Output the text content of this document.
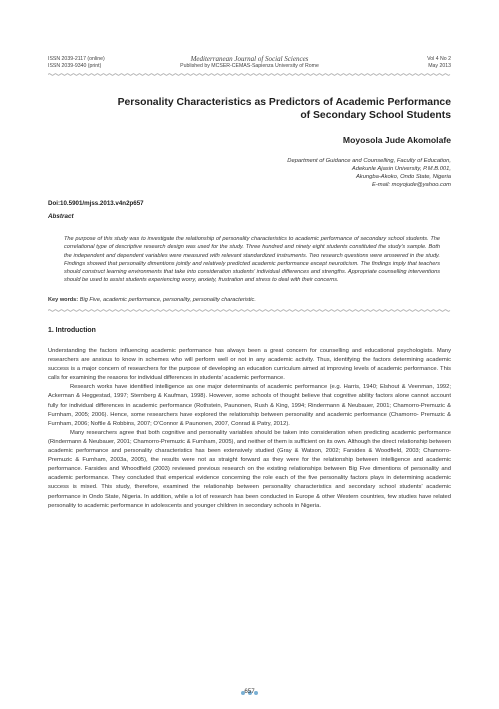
ISSN 2039-2117 (online)
ISSN 2039-9340 (print)
Mediterranean Journal of Social Sciences
Published by MCSER-CEMAS-Sapienza University of Rome
Vol 4 No 2
May 2013
Personality Characteristics as Predictors of Academic Performance
of Secondary School Students
Moyosola Jude Akomolafe
Department of Guidance and Counselling, Faculty of Education,
Adekunle Ajasin University, P.M.B.001,
Akungba-Akoko, Ondo State, Nigeria
E-mail: moyojude@yahoo.com
Doi:10.5901/mjss.2013.v4n2p657
Abstract
The purpose of this study was to investigate the relationship of personality characteristics to academic performance of secondary school students. The correlational type of descriptive research design was used for the study. Three hundred and ninety eight students constituted the study’s sample. Both the independent and dependent variables were measured with relevant standardized instruments. Two research questions were answered in the study. Findings showed that personality dimentions jointly and relatively predicted academic performance except neuroticism. The findings imply that teachers should construct learning environments that take into consideration students’ individual differences and strengths. Appropriate counselling interventions should be used to assist students experiencing worry, anxiety, frustration and stress to deal with their concerns.
Key words: Big Five, academic performance, personality, personality characteristic.
1. Introduction

Understanding the factors influencing academic performance has always been a great concern for counselling and educational psychologists. Many researchers are anxious to know in schemes who will perform well or not in any academic activity. Thus, identifying the factors determining academic success is a major concern of researchers for the purpose of developing an education curriculum aimed at improving levels of academic performance. This calls for examining the reasons for individual differences in students’ academic performance.

Research works have identified intelligence as one major determinants of academic performance (e.g. Harris, 1940; Elshout & Veenman, 1992; Ackerman & Heggestad, 1997; Sternberg & Kaufman, 1998). However, some schools of thought believe that cognitive ability factors alone cannot account fully for individual differences in academic performance (Rothstein, Paunonen, Rush & King, 1994; Rindermann & Neubauer, 2001; Chamorro-Premuzic & Furnham, 2005; 2006). Hence, some researchers have explored the relationship between personality and academic performance (Chamorro- Premuzic & Furnham, 2006; Noftle & Robbins, 2007; O’Connor & Paunonen, 2007, Conrad & Patry, 2012).

Many researchers agree that both cognitive and personality variables should be taken into consideration when predicting academic performance (Rindermann & Neubauer, 2001; Chamorro-Premuzic & Furnham, 2005), and neither of them is sufficient on its own. Although the direct relationship between academic performance and personality characteristics has been extensively studied (Gray & Watson, 2002; Farsides & Woodfield, 2003; Chamorro- Premuzic & Furnham, 2003a, 2005), the results were not as straight forward as they were for the relationship between intelligence and academic performance. Farsides and Whoodfield (2003) reviewed previous research on the existing relationships between Big Five dimentions of personality and academic performance. They concluded that emperical evidence concerning the role each of the five personality factors plays in determining academic success is mixed. This study, therefore, examined the relationship between personality characteristics and secondary school students’ academic performance in Ondo State, Nigeria. In addition, while a lot of research has been conducted in Europe & other Western countries, few studies have related personality to academic performance in adolescents and younger children in secondary schools in Nigeria.

657
